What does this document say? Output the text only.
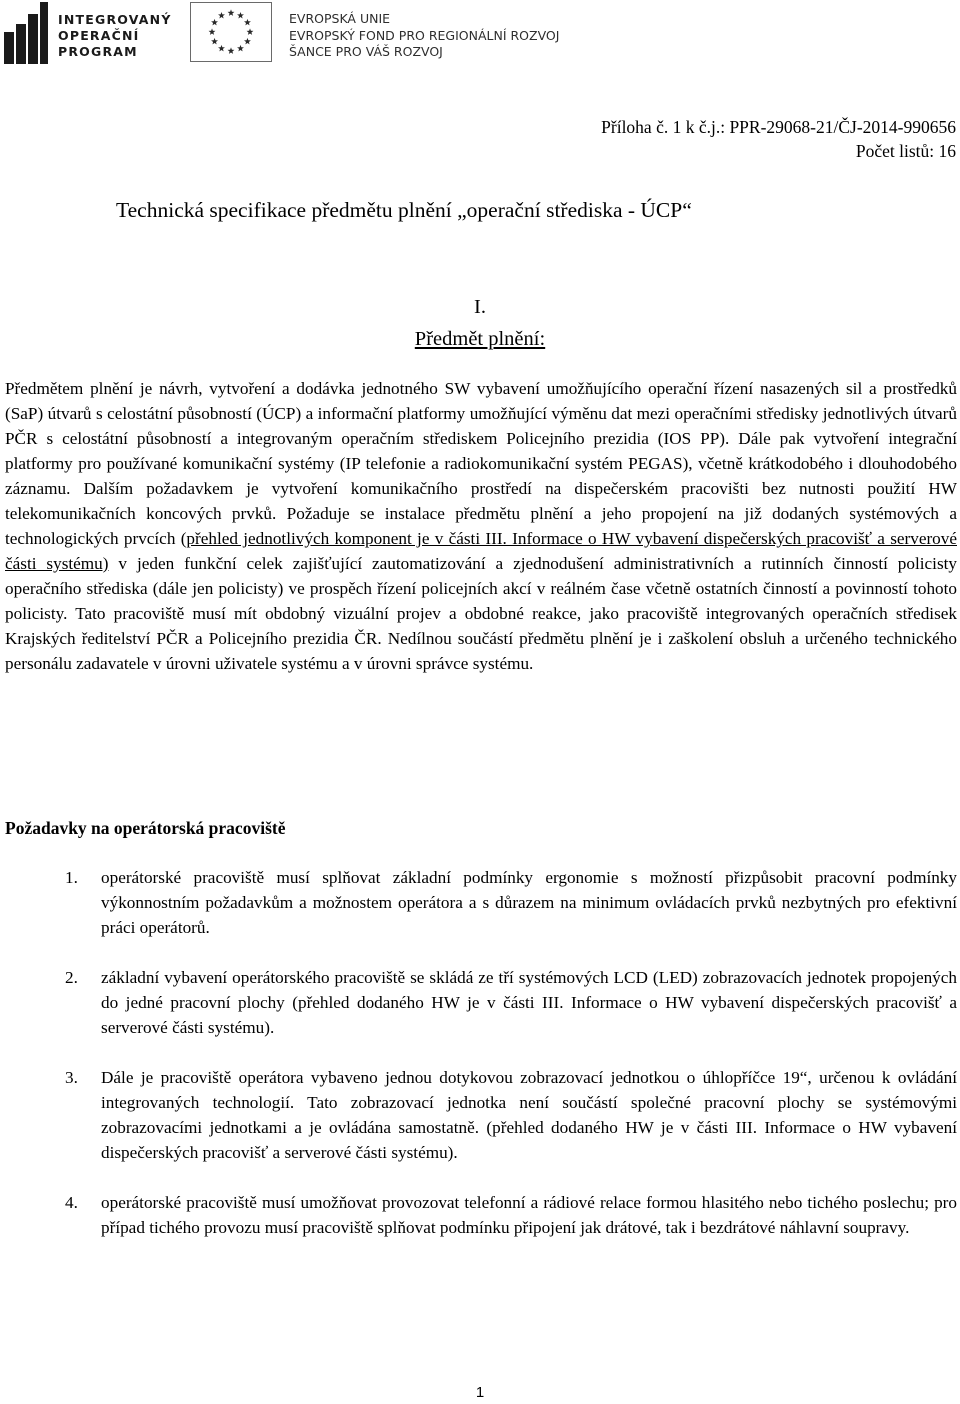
INTEGROVANÝ
OPERAČNÍ
PROGRAM
EVROPSKÁ UNIE
EVROPSKÝ FOND PRO REGIONÁLNÍ ROZVOJ
ŠANCE PRO VÁŠ ROZVOJ
Příloha č. 1 k č.j.: PPR-29068-21/ČJ-2014-990656
Počet listů: 16
Technická specifikace předmětu plnění „operační střediska - ÚCP“
I.
Předmět plnění:

Předmětem plnění je návrh, vytvoření a dodávka jednotného SW vybavení umožňujícího operační řízení nasazených sil a prostředků (SaP) útvarů s celostátní působností (ÚCP) a informační platformy umožňující výměnu dat mezi operačními středisky jednotlivých útvarů PČR s celostátní působností a integrovaným operačním střediskem Policejního prezidia (IOS PP). Dále pak vytvoření integrační platformy pro používané komunikační systémy (IP telefonie a radiokomunikační systém PEGAS), včetně krátkodobého i dlouhodobého záznamu. Dalším požadavkem je vytvoření komunikačního prostředí na dispečerském pracovišti bez nutnosti použití HW telekomunikačních koncových prvků. Požaduje se instalace předmětu plnění a jeho propojení na již dodaných systémových a technologických prvcích (přehled jednotlivých komponent je v části III. Informace o HW vybavení dispečerských pracovišť a serverové části systému) v jeden funkční celek zajišťující zautomatizování a zjednodušení administrativních a rutinních činností policisty operačního střediska (dále jen policisty) ve prospěch řízení policejních akcí v reálném čase včetně ostatních činností a povinností tohoto policisty. Tato pracoviště musí mít obdobný vizuální projev a obdobné reakce, jako pracoviště integrovaných operačních středisek Krajských ředitelství PČR a Policejního prezidia ČR. Nedílnou součástí předmětu plnění je i zaškolení obsluh a určeného technického personálu zadavatele v úrovni uživatele systému a v úrovni správce systému.

Požadavky na operátorská pracoviště
1.	operátorské pracoviště musí splňovat základní podmínky ergonomie s možností přizpůsobit pracovní podmínky výkonnostním požadavkům a možnostem operátora a s důrazem na minimum ovládacích prvků nezbytných pro efektivní práci operátorů.
2.	základní vybavení operátorského pracoviště se skládá ze tří systémových LCD (LED) zobrazovacích jednotek propojených do jedné pracovní plochy (přehled dodaného HW je v části III. Informace o HW vybavení dispečerských pracovišť a serverové části systému).
3.	Dále je pracoviště operátora vybaveno jednou dotykovou zobrazovací jednotkou o úhlopříčce 19“, určenou k ovládání integrovaných technologií. Tato zobrazovací jednotka není součástí společné pracovní plochy se systémovými zobrazovacími jednotkami a je ovládána samostatně. (přehled dodaného HW je v části III. Informace o HW vybavení dispečerských pracovišť a serverové části systému).
4.	operátorské pracoviště musí umožňovat provozovat telefonní a rádiové relace formou hlasitého nebo tichého poslechu; pro případ tichého provozu musí pracoviště splňovat podmínku připojení jak drátové, tak i bezdrátové náhlavní soupravy.
1
